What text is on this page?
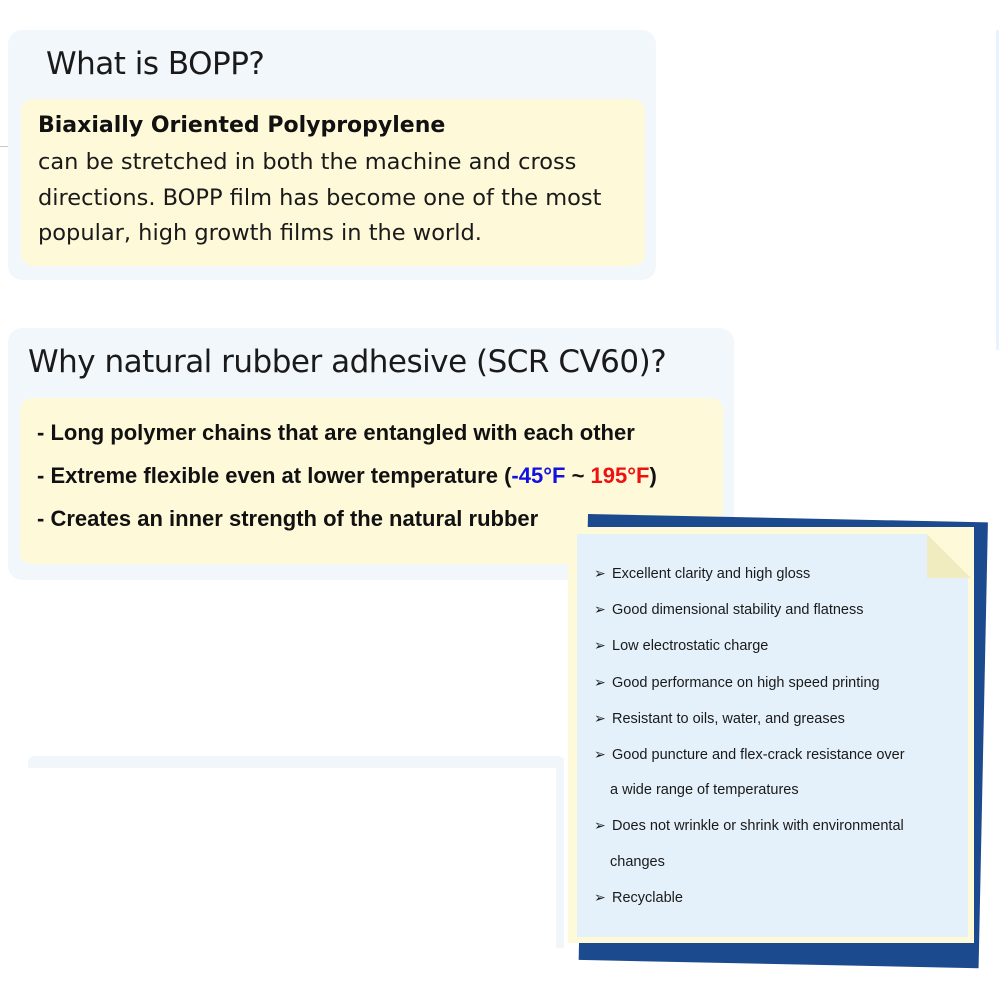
What is BOPP?

Biaxially Oriented Polypropylene

can be stretched in both the machine and cross directions. BOPP film has become one of the most popular, high growth films in the world.

Why natural rubber adhesive (SCR CV60)?

- Long polymer chains that are entangled with each other

- Extreme flexible even at lower temperature (-45°F ~ 195°F)

- Creates an inner strength of the natural rubber

➢ Excellent clarity and high gloss
➢ Good dimensional stability and flatness
➢ Low electrostatic charge
➢ Good performance on high speed printing
➢ Resistant to oils, water, and greases
➢ Good puncture and flex-crack resistance over
a wide range of temperatures
➢ Does not wrinkle or shrink with environmental
changes
➢ Recyclable
